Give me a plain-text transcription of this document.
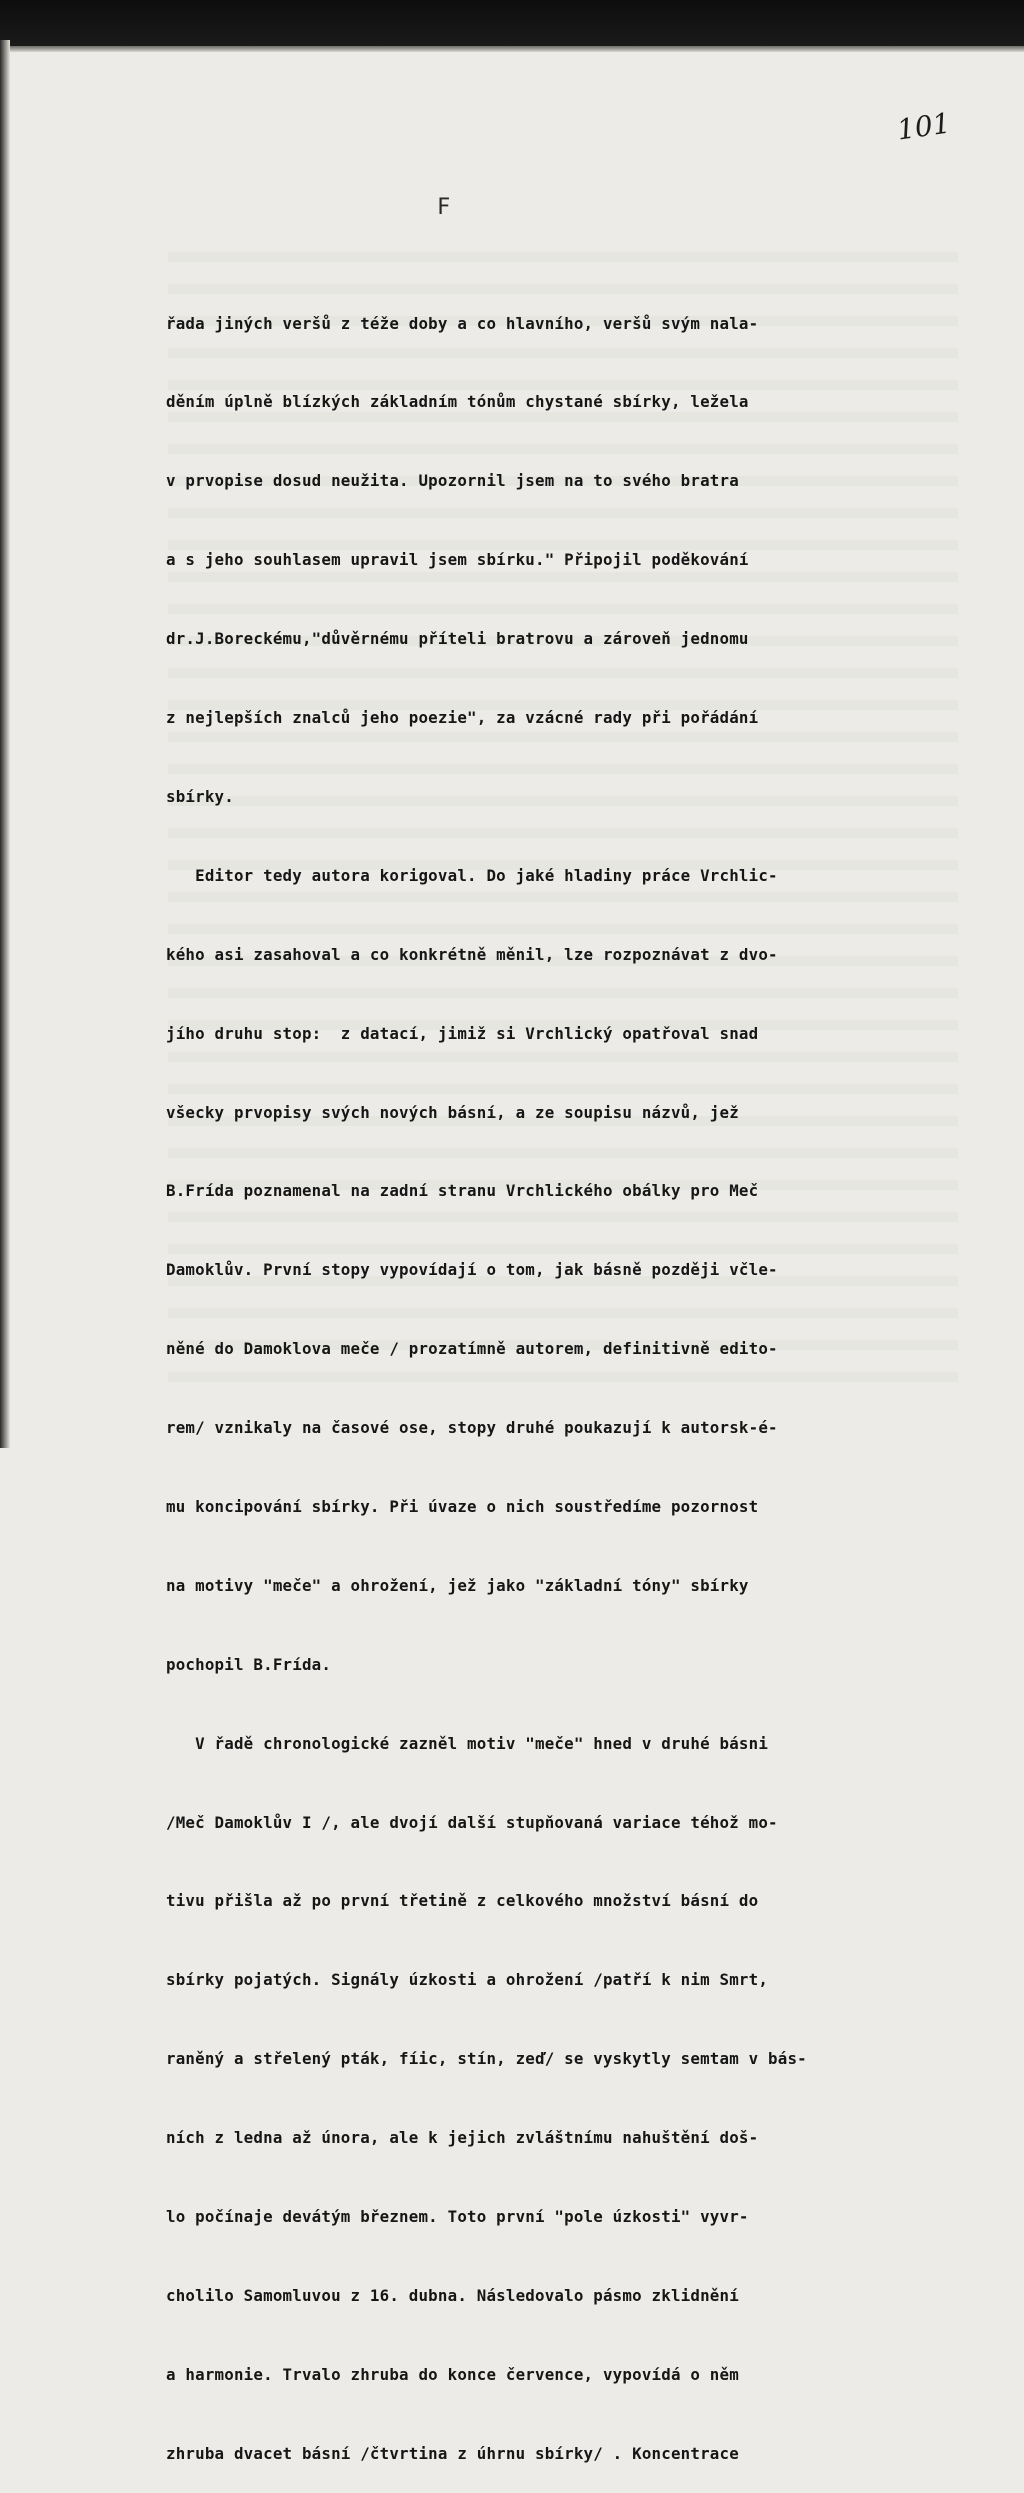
101
F

řada jiných veršů z téže doby a co hlavního, veršů svým nala-

děním úplně blízkých základním tónům chystané sbírky, ležela

v prvopise dosud neužita. Upozornil jsem na to svého bratra

a s jeho souhlasem upravil jsem sbírku." Připojil poděkování

dr.J.Boreckému,"důvěrnému příteli bratrovu a zároveň jednomu

z nejlepších znalců jeho poezie", za vzácné rady při pořádání

sbírky.

Editor tedy autora korigoval. Do jaké hladiny práce Vrchlic-

kého asi zasahoval a co konkrétně měnil, lze rozpoznávat z dvo-

jího druhu stop:  z datací, jimiž si Vrchlický opatřoval snad

všecky prvopisy svých nových básní, a ze soupisu názvů, jež

B.Frída poznamenal na zadní stranu Vrchlického obálky pro Meč

Damoklův. První stopy vypovídají o tom, jak básně později včle-

něné do Damoklova meče / prozatímně autorem, definitivně edito-

rem/ vznikaly na časové ose, stopy druhé poukazují k autorsk-é-

mu koncipování sbírky. Při úvaze o nich soustředíme pozornost

na motivy "meče" a ohrožení, jež jako "základní tóny" sbírky

pochopil B.Frída.

V řadě chronologické zazněl motiv "meče" hned v druhé básni

/Meč Damoklův I /, ale dvojí další stupňovaná variace téhož mo-

tivu přišla až po první třetině z celkového množství básní do

sbírky pojatých. Signály úzkosti a ohrožení /patří k nim Smrt,

raněný a střelený pták, fíic, stín, zeď/ se vyskytly semtam v bás-

ních z ledna až února, ale k jejich zvláštnímu nahuštění doš-

lo počínaje devátým březnem. Toto první "pole úzkosti" vyvr-

cholilo Samomluvou z 16. dubna. Následovalo pásmo zklidnění

a harmonie. Trvalo zhruba do konce července, vypovídá o něm

zhruba dvacet básní /čtvrtina z úhrnu sbírky/ . Koncentrace
